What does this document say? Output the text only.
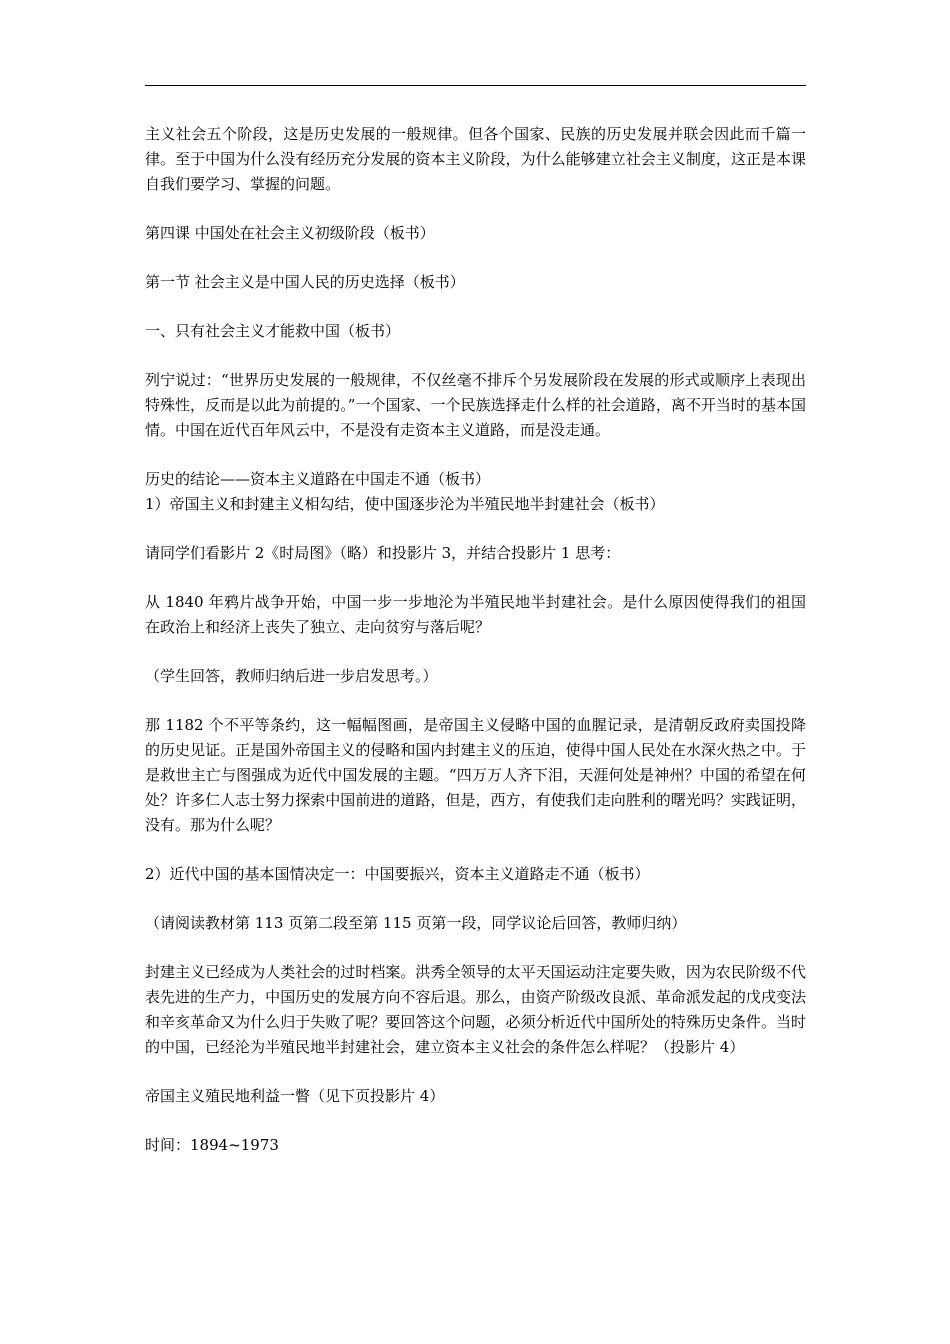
主义社会五个阶段，这是历史发展的一般规律。但各个国家、民族的历史发展并联会因此而千篇一律。至于中国为什么没有经历充分发展的资本主义阶段，为什么能够建立社会主义制度，这正是本课自我们要学习、掌握的问题。

第四课 中国处在社会主义初级阶段（板书）

第一节 社会主义是中国人民的历史选择（板书）

一、只有社会主义才能救中国（板书）

列宁说过：“世界历史发展的一般规律，不仅丝毫不排斥个另发展阶段在发展的形式或顺序上表现出特殊性，反而是以此为前提的。”一个国家、一个民族选择走什么样的社会道路，离不开当时的基本国情。中国在近代百年风云中，不是没有走资本主义道路，而是没走通。

历史的结论——资本主义道路在中国走不通（板书）

1）帝国主义和封建主义相勾结，使中国逐步沦为半殖民地半封建社会（板书）

请同学们看影片 2《时局图》（略）和投影片 3，并结合投影片 1 思考：

从 1840 年鸦片战争开始，中国一步一步地沦为半殖民地半封建社会。是什么原因使得我们的祖国在政治上和经济上丧失了独立、走向贫穷与落后呢？

（学生回答，教师归纳后进一步启发思考。）

那 1182 个不平等条约，这一幅幅图画，是帝国主义侵略中国的血腥记录，是清朝反政府卖国投降的历史见证。正是国外帝国主义的侵略和国内封建主义的压迫，使得中国人民处在水深火热之中。于是救世主亡与图强成为近代中国发展的主题。“四万万人齐下泪，天涯何处是神州？中国的希望在何处？许多仁人志士努力探索中国前进的道路，但是，西方，有使我们走向胜利的曙光吗？实践证明，没有。那为什么呢？

2）近代中国的基本国情决定一：中国要振兴，资本主义道路走不通（板书）

（请阅读教材第 113 页第二段至第 115 页第一段，同学议论后回答，教师归纳）

封建主义已经成为人类社会的过时档案。洪秀全领导的太平天国运动注定要失败，因为农民阶级不代表先进的生产力，中国历史的发展方向不容后退。那么，由资产阶级改良派、革命派发起的戊戌变法和辛亥革命又为什么归于失败了呢？要回答这个问题，必须分析近代中国所处的特殊历史条件。当时的中国，已经沦为半殖民地半封建社会，建立资本主义社会的条件怎么样呢？（投影片 4）

帝国主义殖民地利益一瞥（见下页投影片 4）

时间：1894~1973
